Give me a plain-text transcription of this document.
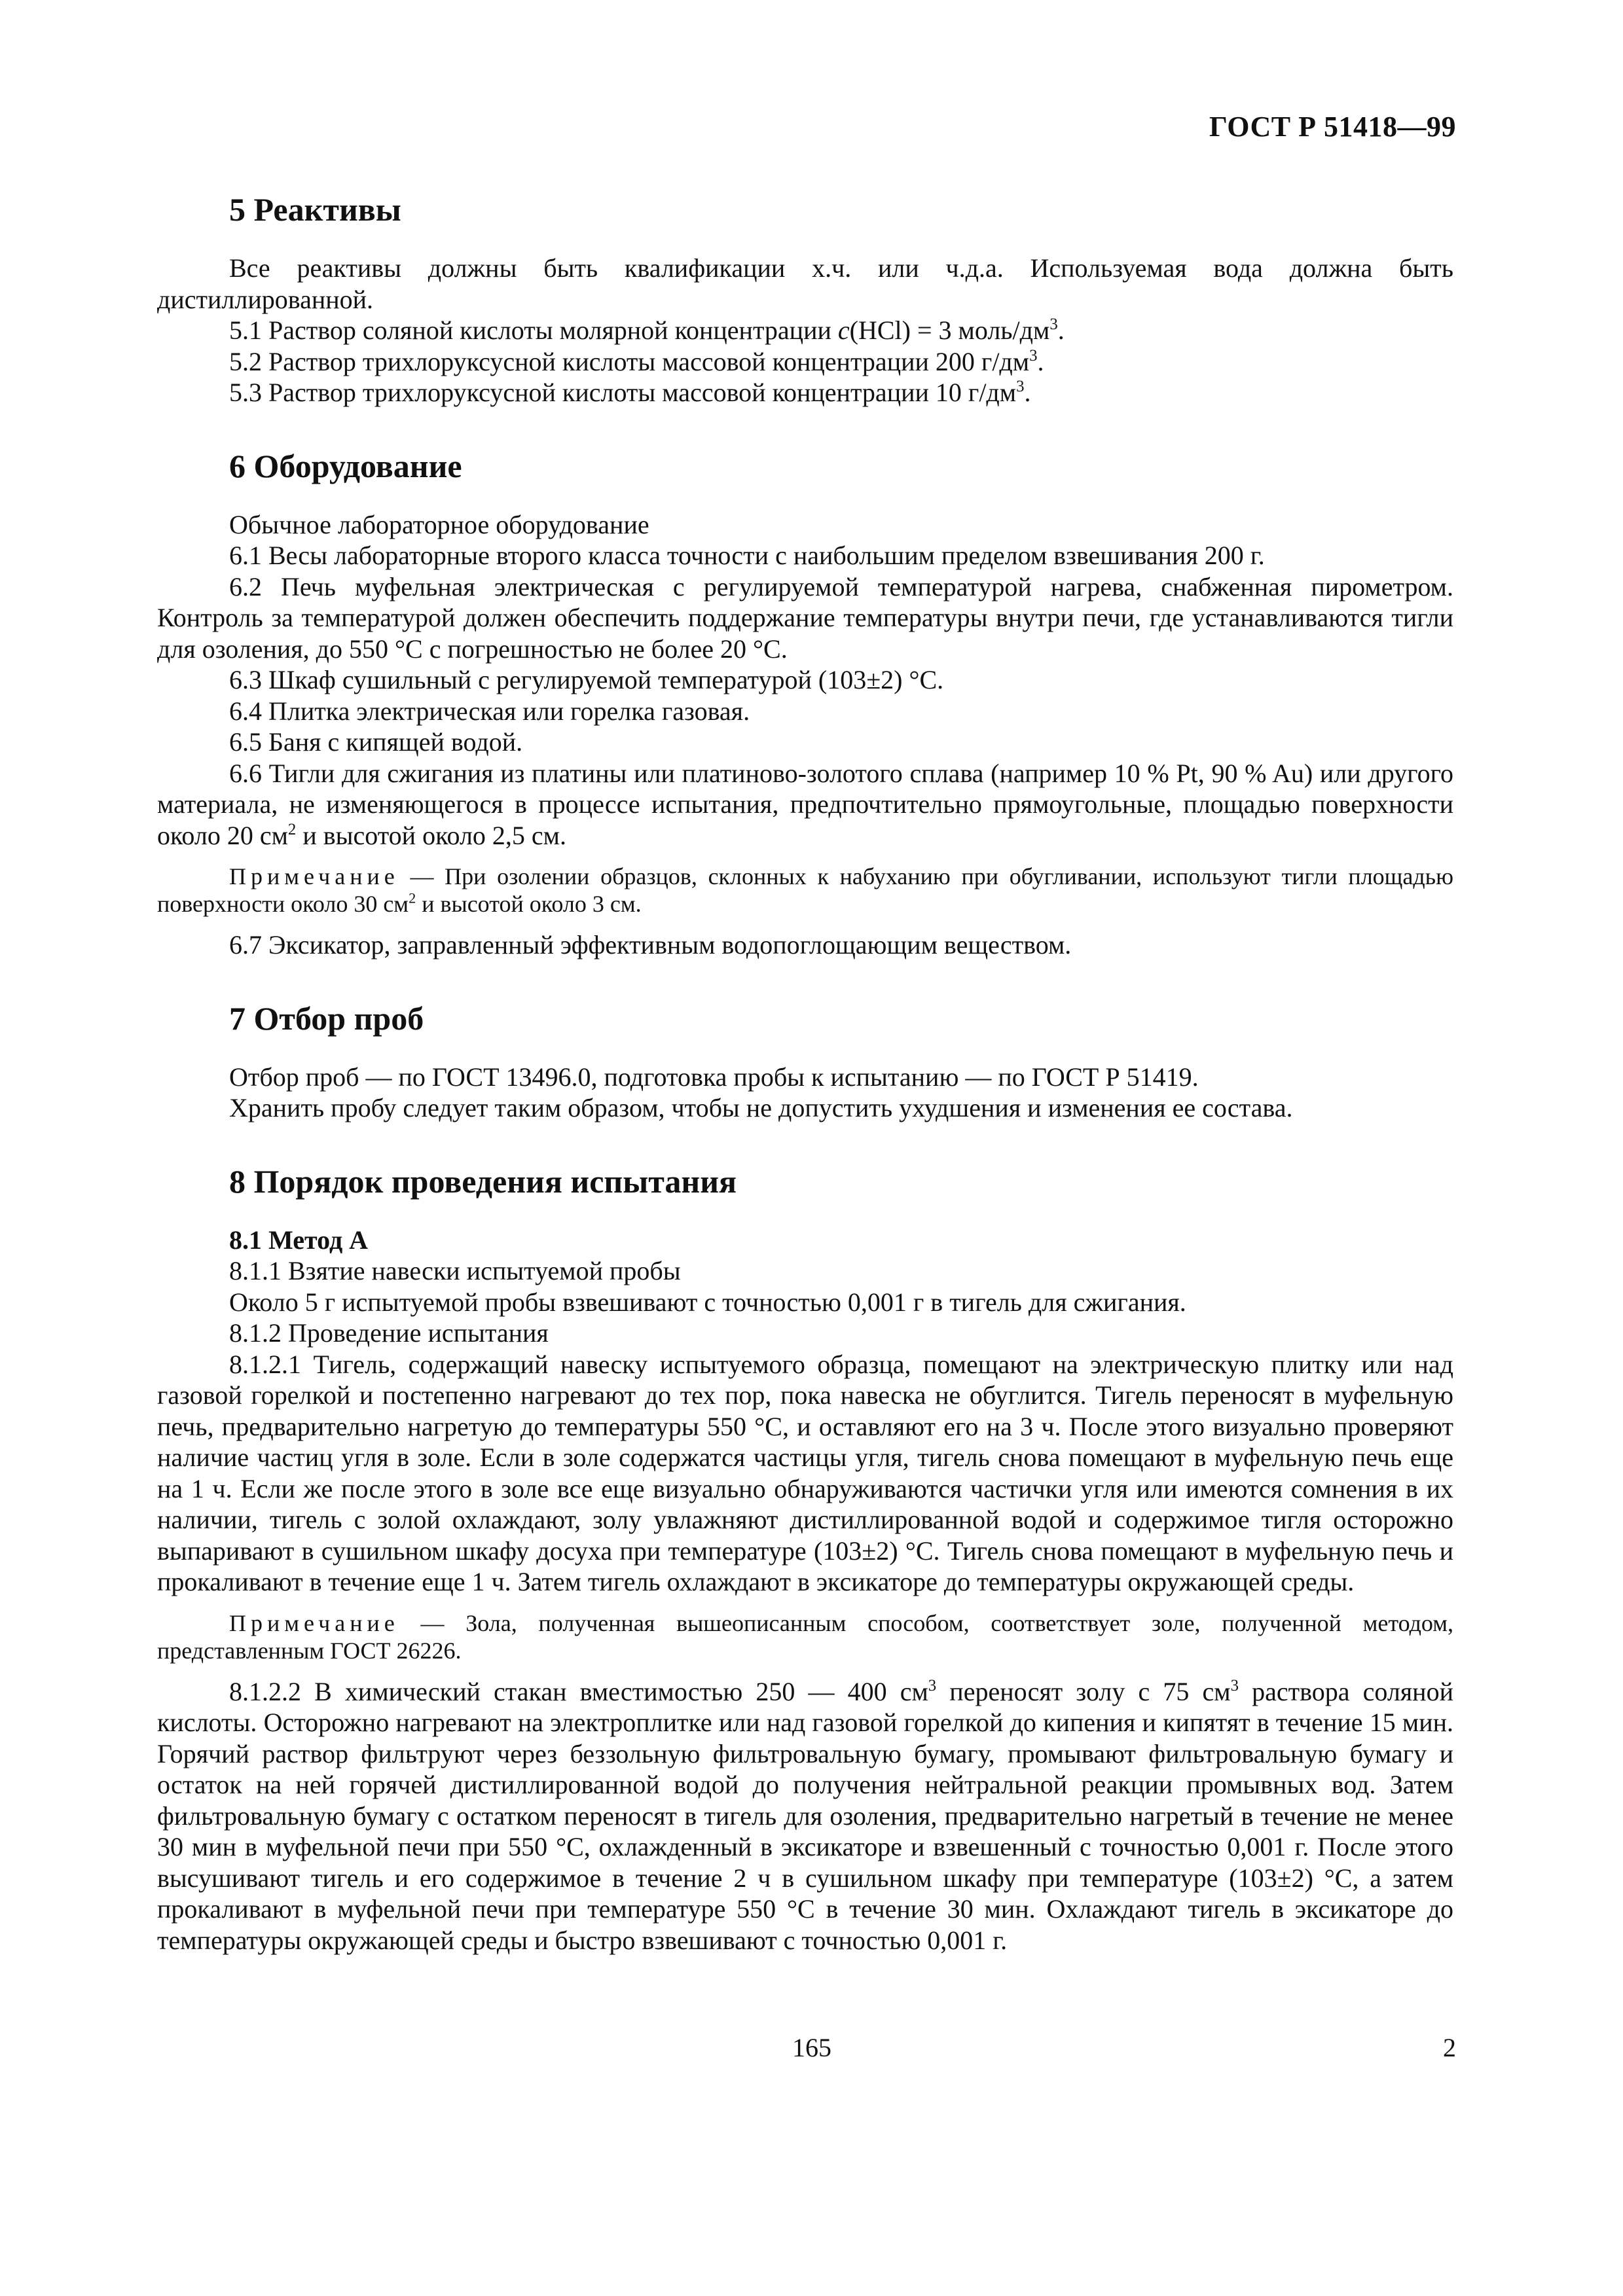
ГОСТ Р 51418—99
5 Реактивы

Все реактивы должны быть квалификации х.ч. или ч.д.а. Используемая вода должна быть дистиллированной.

5.1 Раствор соляной кислоты молярной концентрации c(HCl) = 3 моль/$дм^3$.

5.2 Раствор трихлоруксусной кислоты массовой концентрации 200 $г/дм^3$.

5.3 Раствор трихлоруксусной кислоты массовой концентрации 10 $г/дм^3$.

6 Оборудование

Обычное лабораторное оборудование

6.1 Весы лабораторные второго класса точности с наибольшим пределом взвешивания 200 г.

6.2 Печь муфельная электрическая с регулируемой температурой нагрева, снабженная пирометром. Контроль за температурой должен обеспечить поддержание температуры внутри печи, где устанавливаются тигли для озоления, до 550 °С с погрешностью не более 20 °С.

6.3 Шкаф сушильный с регулируемой температурой (103±2) °С.

6.4 Плитка электрическая или горелка газовая.

6.5 Баня с кипящей водой.

6.6 Тигли для сжигания из платины или платиново-золотого сплава (например 10 % Pt, 90 % Au) или другого материала, не изменяющегося в процессе испытания, предпочтительно прямоугольные, площадью поверхности около 20 $см^2$ и высотой около 2,5 см.

Примечание — При озолении образцов, склонных к набуханию при обугливании, используют тигли площадью поверхности около 30 $см^2$ и высотой около 3 см.

6.7 Эксикатор, заправленный эффективным водопоглощающим веществом.

7 Отбор проб

Отбор проб — по ГОСТ 13496.0, подготовка пробы к испытанию — по ГОСТ Р 51419.

Хранить пробу следует таким образом, чтобы не допустить ухудшения и изменения ее состава.

8 Порядок проведения испытания

8.1 Метод А

8.1.1 Взятие навески испытуемой пробы

Около 5 г испытуемой пробы взвешивают с точностью 0,001 г в тигель для сжигания.

8.1.2 Проведение испытания

8.1.2.1 Тигель, содержащий навеску испытуемого образца, помещают на электрическую плитку или над газовой горелкой и постепенно нагревают до тех пор, пока навеска не обуглится. Тигель переносят в муфельную печь, предварительно нагретую до температуры 550 °С, и оставляют его на 3 ч. После этого визуально проверяют наличие частиц угля в золе. Если в золе содержатся частицы угля, тигель снова помещают в муфельную печь еще на 1 ч. Если же после этого в золе все еще визуально обнаруживаются частички угля или имеются сомнения в их наличии, тигель с золой охлаждают, золу увлажняют дистиллированной водой и содержимое тигля осторожно выпаривают в сушильном шкафу досуха при температуре (103±2) °С. Тигель снова помещают в муфельную печь и прокаливают в течение еще 1 ч. Затем тигель охлаждают в эксикаторе до температуры окружающей среды.

Примечание — Зола, полученная вышеописанным способом, соответствует золе, полученной методом, представленным ГОСТ 26226.

8.1.2.2 В химический стакан вместимостью 250 — 400 $см^3$ переносят золу с 75 $см^3$ раствора соляной кислоты. Осторожно нагревают на электроплитке или над газовой горелкой до кипения и кипятят в течение 15 мин. Горячий раствор фильтруют через беззольную фильтровальную бумагу, промывают фильтровальную бумагу и остаток на ней горячей дистиллированной водой до получения нейтральной реакции промывных вод. Затем фильтровальную бумагу с остатком переносят в тигель для озоления, предварительно нагретый в течение не менее 30 мин в муфельной печи при 550 °С, охлажденный в эксикаторе и взвешенный с точностью 0,001 г. После этого высушивают тигель и его содержимое в течение 2 ч в сушильном шкафу при температуре (103±2) °С, а затем прокаливают в муфельной печи при температуре 550 °С в течение 30 мин. Охлаждают тигель в эксикаторе до температуры окружающей среды и быстро взвешивают с точностью 0,001 г.

165	2
